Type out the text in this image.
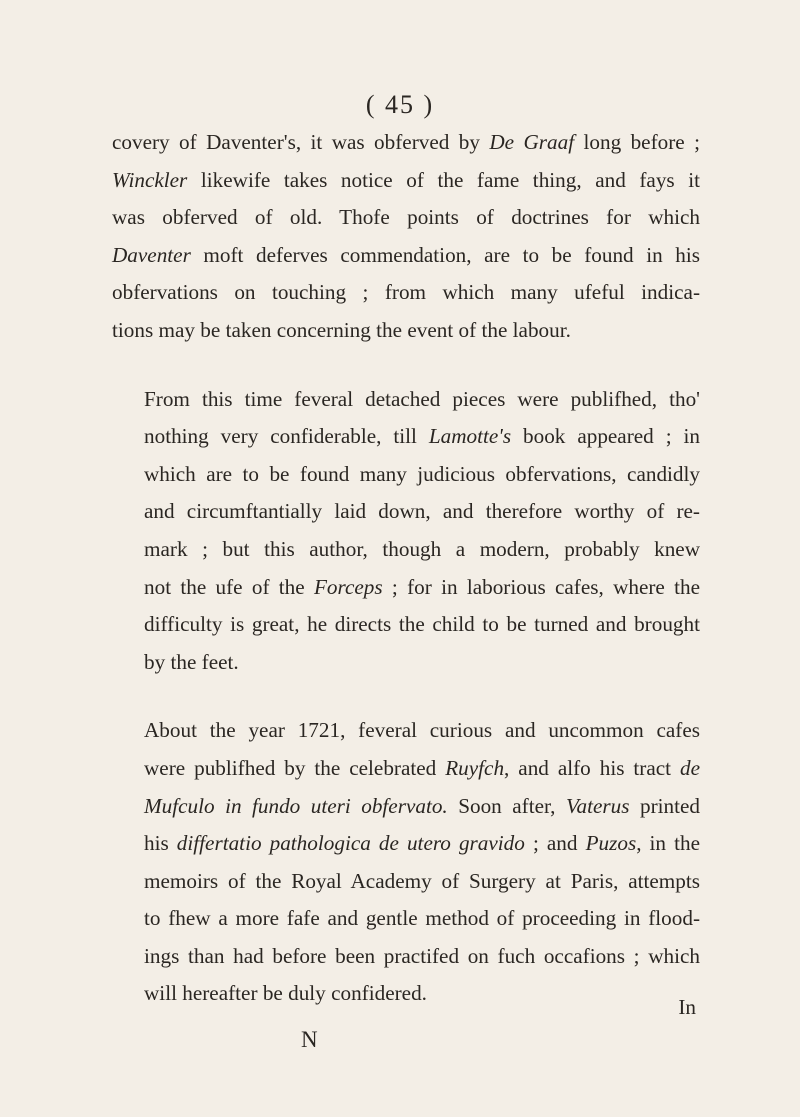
( 45 )

covery of Daventer's, it was obferved by De Graaf long before ;
Winckler likewife takes notice of the fame thing, and fays it
was obferved of old. Thofe points of doctrines for which
Daventer moft deferves commendation, are to be found in his
obfervations on touching ; from which many ufeful indica-
tions may be taken concerning the event of the labour.

From this time feveral detached pieces were publifhed, tho'
nothing very confiderable, till Lamotte's book appeared ; in
which are to be found many judicious obfervations, candidly
and circumftantially laid down, and therefore worthy of re-
mark ; but this author, though a modern, probably knew
not the ufe of the Forceps ; for in laborious cafes, where the
difficulty is great, he directs the child to be turned and brought
by the feet.

About the year 1721, feveral curious and uncommon cafes
were publifhed by the celebrated Ruyfch, and alfo his tract de
Mufculo in fundo uteri obfervato. Soon after, Vaterus printed
his differtatio pathologica de utero gravido ; and Puzos, in the
memoirs of the Royal Academy of Surgery at Paris, attempts
to fhew a more fafe and gentle method of proceeding in flood-
ings than had before been practifed on fuch occafions ; which
will hereafter be duly confidered.

In
N
